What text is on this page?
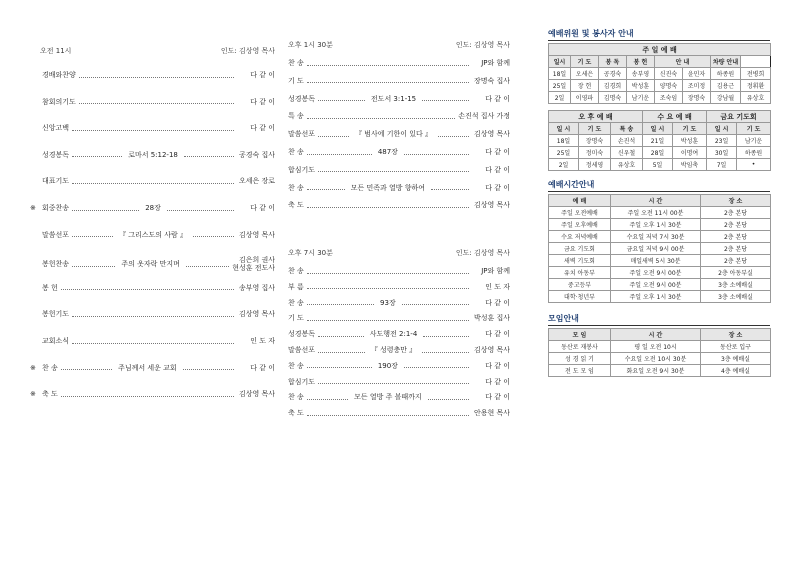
오전 11시	인도: 김상영 목사
경배와찬양	다 같 이
참회의기도	다 같 이
신앙고백	다 같 이
성경봉독	로마서 5:12-18	공경숙 집사
대표기도	오세은 장로
※ 회중찬송	28장	다 같 이
말씀선포	『 그리스도의 사람 』	김상영 목사
봉헌찬송	주의 옷자락 만지며	김은희 권사
현성훈 전도사
봉 헌	송부영 집사
봉헌기도	김상영 목사
교회소식	인 도 자
※ 찬 송	주님께서 세운 교회	다 같 이
※ 축 도	김상영 목사
오후 1시 30분	인도: 김상영 목사
찬 송	JP와 함께
기 도	장명숙 집사
성경봉독	전도서 3:1-15	다 같 이
특 송	손진석 집사 가정
말씀선포	『 범사에 기한이 있다 』	김상영 목사
찬 송	487장	다 같 이
합심기도	다 같 이
찬 송	모든 민족과 열방 향하여	다 같 이
축 도	김상영 목사
오후 7시 30분	인도: 김상영 목사
찬 송	JP와 함께
부 름	인 도 자
찬 송	93장	다 같 이
기 도	박성훈 집사
성경봉독	사도행전 2:1-4	다 같 이
말씀선포	『 성령충만 』	김상영 목사
찬 송	190장	다 같 이
합심기도	다 같 이
찬 송	모든 열방 주 볼때까지	다 같 이
축 도	안용현 목사
예배위원 및 봉사자 안내
주 일 예 배							
일시	기 도	봉 독	봉 헌	안 내		차량 안내	
18일	오세은	공경숙	송부영	신진숙	윤민자	하종원	전병희
25일	장 헌	김경희	박성훈	양명숙	조미정	김용근	정휘환
2일	이영파	김명숙	남기운	조숙임	장명숙	강남월	유상호
오 후 예 배			수 요 예 배		금요 기도회	
일 시	기 도	특 송	일 시	기 도	일 시	기 도
18일	장명숙	손진석	21일	박성훈	23일	남기운
25일	정미숙	신우철	28일	이명여	30일	하종원
2일	정세영	유상호	5일	박임축	7일	•
예배시간안내
예 배	시 간	장 소
주일 오전예배	주일 오전 11시 00분	2층 본당
주일 오후예배	주일 오후 1시 30분	2층 본당
수요 저녁예배	수요일 저녁 7시 30분	2층 본당
금요 기도회	금요일 저녁 9시 00분	2층 본당
새벽 기도회	매일새벽 5시 30분	2층 본당
유치 아동부	주일 오전 9시 00분	2층 아동부실
중고등부	주일 오전 9시 00분	3층 소예배실
대학·청년부	주일 오후 1시 30분	3층 소예배실
모임안내
모 임	시 간	장 소
동산로 재봉사	평 일 오전 10시	동산로 입구
성 경 읽 기	수요일 오전 10시 30분	3층 예배실
전 도 모 임	화요일 오전 9시 30분	4층 예배실
